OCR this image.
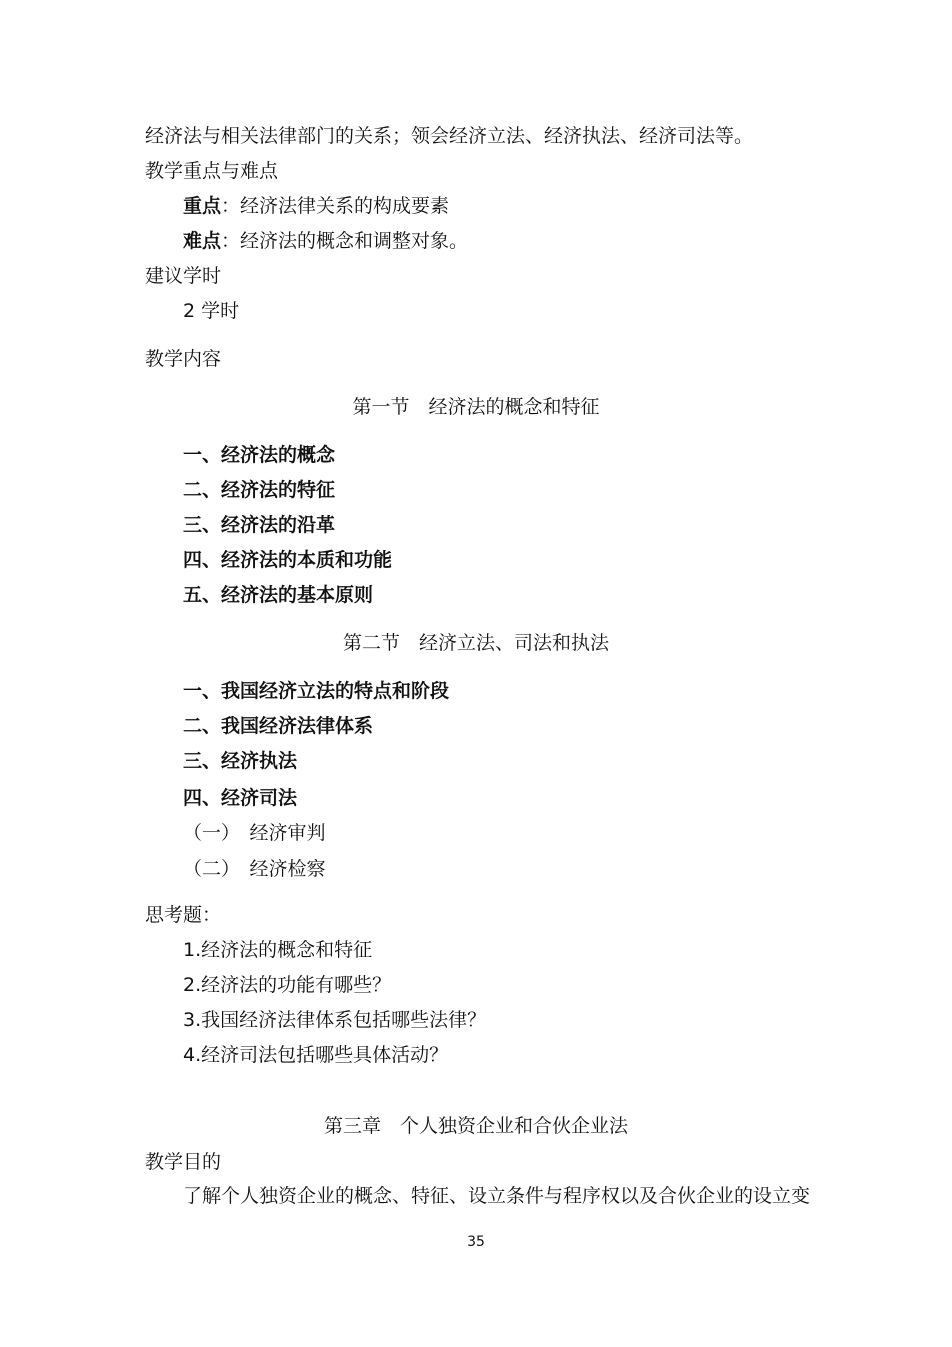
经济法与相关法律部门的关系；领会经济立法、经济执法、经济司法等。
教学重点与难点
重点：经济法律关系的构成要素
难点：经济法的概念和调整对象。
建议学时
2 学时
教学内容
第一节　经济法的概念和特征
一、经济法的概念
二、经济法的特征
三、经济法的沿革
四、经济法的本质和功能
五、经济法的基本原则
第二节　经济立法、司法和执法
一、我国经济立法的特点和阶段
二、我国经济法律体系
三、经济执法
四、经济司法
（一）　经济审判
（二）　经济检察
思考题：
1.经济法的概念和特征
2.经济法的功能有哪些？
3.我国经济法律体系包括哪些法律？
4.经济司法包括哪些具体活动？
第三章　个人独资企业和合伙企业法
教学目的
了解个人独资企业的概念、特征、设立条件与程序权以及合伙企业的设立变
35
